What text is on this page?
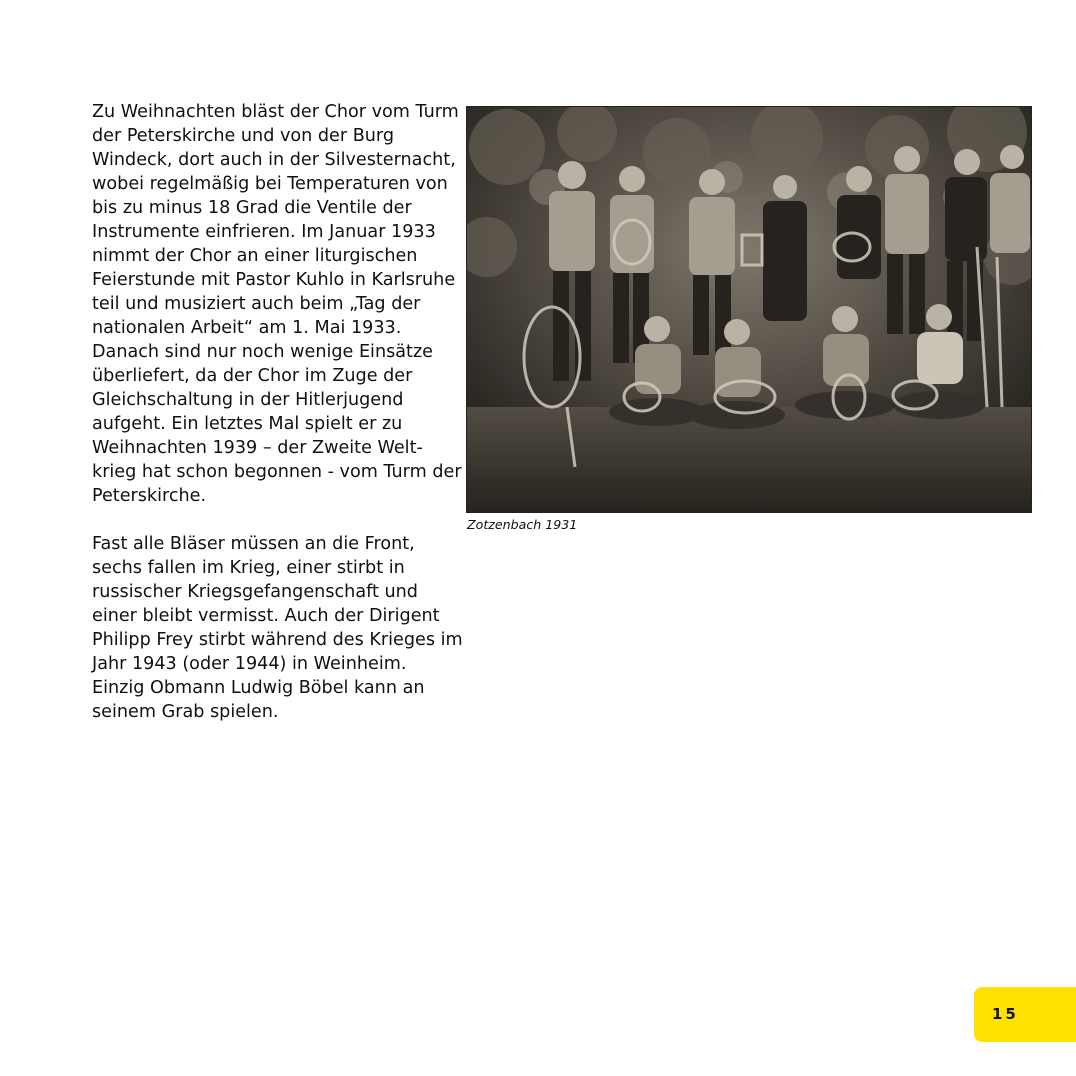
Zu Weihnachten bläst der Chor vom Turm der Peterskirche und von der Burg Windeck, dort auch in der Silvesternacht, wobei regelmäßig bei Temperaturen von bis zu minus 18 Grad die Ventile der Instrumente einfrieren. Im Januar 1933 nimmt der Chor an einer liturgischen Feierstunde mit Pastor Kuhlo in Karlsruhe teil und musiziert auch beim „Tag der nationalen Arbeit“ am 1. Mai 1933. Danach sind nur noch wenige Einsätze überliefert, da der Chor im Zuge der Gleichschaltung in der Hitlerjugend aufgeht. Ein letztes Mal spielt er zu Weihnachten 1939 – der Zweite Welt-krieg hat schon begonnen - vom Turm der Peterskirche.

Fast alle Bläser müssen an die Front, sechs fallen im Krieg, einer stirbt in russischer Kriegsgefangenschaft und einer bleibt vermisst. Auch der Dirigent Philipp Frey stirbt während des Krieges im Jahr 1943 (oder 1944) in Weinheim. Einzig Obmann Ludwig Böbel kann an seinem Grab spielen.

Zotzenbach 1931
15
